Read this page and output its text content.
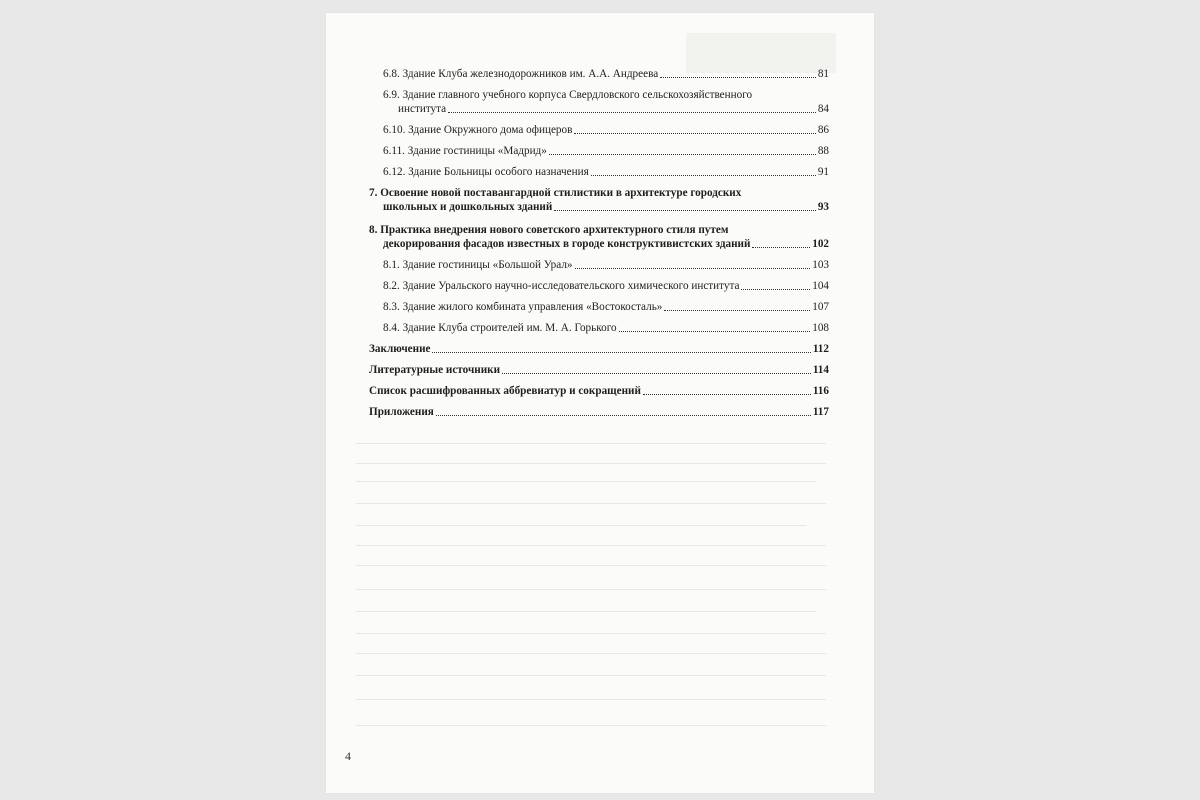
6.8. Здание Клуба железнодорожников им. А.А. Андреева	81
6.9. Здание главного учебного корпуса Свердловского сельскохозяйственного
института	84
6.10. Здание Окружного дома офицеров	86
6.11. Здание гостиницы «Мадрид»	88
6.12. Здание Больницы особого назначения	91
7. Освоение новой поставангардной стилистики в архитектуре городских
школьных и дошкольных зданий	93
8. Практика внедрения нового советского архитектурного стиля путем
декорирования фасадов известных в городе конструктивистских зданий	102
8.1. Здание гостиницы «Большой Урал»	103
8.2. Здание Уральского научно-исследовательского химического института	104
8.3. Здание жилого комбината управления «Востокосталь»	107
8.4. Здание Клуба строителей им. М. А. Горького	108
Заключение	112
Литературные источники	114
Список расшифрованных аббревиатур и сокращений	116
Приложения	117
4
